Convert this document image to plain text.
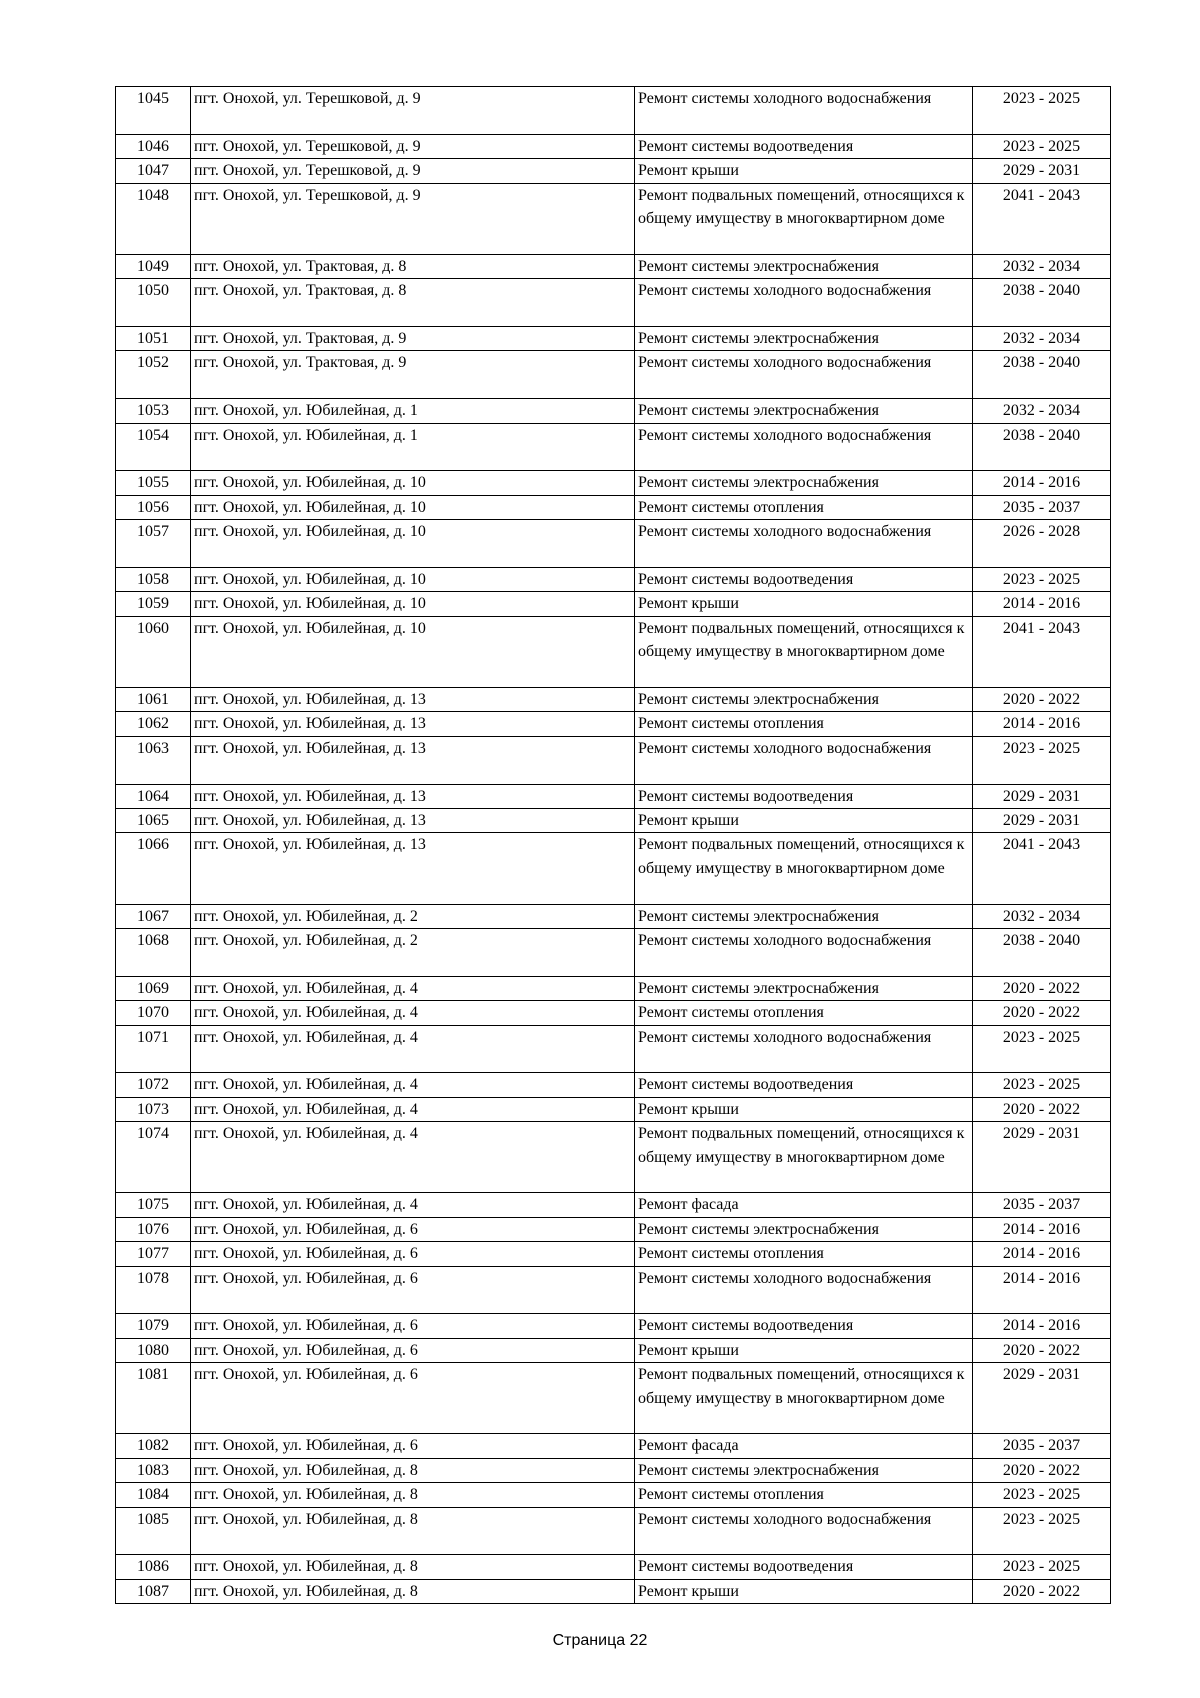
1045	пгт. Онохой, ул. Терешковой, д. 9	Ремонт системы холодного водоснабжения	2023 - 2025
1046	пгт. Онохой, ул. Терешковой, д. 9	Ремонт системы водоотведения	2023 - 2025
1047	пгт. Онохой, ул. Терешковой, д. 9	Ремонт крыши	2029 - 2031
1048	пгт. Онохой, ул. Терешковой, д. 9	Ремонт подвальных помещений, относящихся к общему имуществу в многоквартирном доме	2041 - 2043
1049	пгт. Онохой, ул. Трактовая, д. 8	Ремонт системы электроснабжения	2032 - 2034
1050	пгт. Онохой, ул. Трактовая, д. 8	Ремонт системы холодного водоснабжения	2038 - 2040
1051	пгт. Онохой, ул. Трактовая, д. 9	Ремонт системы электроснабжения	2032 - 2034
1052	пгт. Онохой, ул. Трактовая, д. 9	Ремонт системы холодного водоснабжения	2038 - 2040
1053	пгт. Онохой, ул. Юбилейная, д. 1	Ремонт системы электроснабжения	2032 - 2034
1054	пгт. Онохой, ул. Юбилейная, д. 1	Ремонт системы холодного водоснабжения	2038 - 2040
1055	пгт. Онохой, ул. Юбилейная, д. 10	Ремонт системы электроснабжения	2014 - 2016
1056	пгт. Онохой, ул. Юбилейная, д. 10	Ремонт системы отопления	2035 - 2037
1057	пгт. Онохой, ул. Юбилейная, д. 10	Ремонт системы холодного водоснабжения	2026 - 2028
1058	пгт. Онохой, ул. Юбилейная, д. 10	Ремонт системы водоотведения	2023 - 2025
1059	пгт. Онохой, ул. Юбилейная, д. 10	Ремонт крыши	2014 - 2016
1060	пгт. Онохой, ул. Юбилейная, д. 10	Ремонт подвальных помещений, относящихся к общему имуществу в многоквартирном доме	2041 - 2043
1061	пгт. Онохой, ул. Юбилейная, д. 13	Ремонт системы электроснабжения	2020 - 2022
1062	пгт. Онохой, ул. Юбилейная, д. 13	Ремонт системы отопления	2014 - 2016
1063	пгт. Онохой, ул. Юбилейная, д. 13	Ремонт системы холодного водоснабжения	2023 - 2025
1064	пгт. Онохой, ул. Юбилейная, д. 13	Ремонт системы водоотведения	2029 - 2031
1065	пгт. Онохой, ул. Юбилейная, д. 13	Ремонт крыши	2029 - 2031
1066	пгт. Онохой, ул. Юбилейная, д. 13	Ремонт подвальных помещений, относящихся к общему имуществу в многоквартирном доме	2041 - 2043
1067	пгт. Онохой, ул. Юбилейная, д. 2	Ремонт системы электроснабжения	2032 - 2034
1068	пгт. Онохой, ул. Юбилейная, д. 2	Ремонт системы холодного водоснабжения	2038 - 2040
1069	пгт. Онохой, ул. Юбилейная, д. 4	Ремонт системы электроснабжения	2020 - 2022
1070	пгт. Онохой, ул. Юбилейная, д. 4	Ремонт системы отопления	2020 - 2022
1071	пгт. Онохой, ул. Юбилейная, д. 4	Ремонт системы холодного водоснабжения	2023 - 2025
1072	пгт. Онохой, ул. Юбилейная, д. 4	Ремонт системы водоотведения	2023 - 2025
1073	пгт. Онохой, ул. Юбилейная, д. 4	Ремонт крыши	2020 - 2022
1074	пгт. Онохой, ул. Юбилейная, д. 4	Ремонт подвальных помещений, относящихся к общему имуществу в многоквартирном доме	2029 - 2031
1075	пгт. Онохой, ул. Юбилейная, д. 4	Ремонт фасада	2035 - 2037
1076	пгт. Онохой, ул. Юбилейная, д. 6	Ремонт системы электроснабжения	2014 - 2016
1077	пгт. Онохой, ул. Юбилейная, д. 6	Ремонт системы отопления	2014 - 2016
1078	пгт. Онохой, ул. Юбилейная, д. 6	Ремонт системы холодного водоснабжения	2014 - 2016
1079	пгт. Онохой, ул. Юбилейная, д. 6	Ремонт системы водоотведения	2014 - 2016
1080	пгт. Онохой, ул. Юбилейная, д. 6	Ремонт крыши	2020 - 2022
1081	пгт. Онохой, ул. Юбилейная, д. 6	Ремонт подвальных помещений, относящихся к общему имуществу в многоквартирном доме	2029 - 2031
1082	пгт. Онохой, ул. Юбилейная, д. 6	Ремонт фасада	2035 - 2037
1083	пгт. Онохой, ул. Юбилейная, д. 8	Ремонт системы электроснабжения	2020 - 2022
1084	пгт. Онохой, ул. Юбилейная, д. 8	Ремонт системы отопления	2023 - 2025
1085	пгт. Онохой, ул. Юбилейная, д. 8	Ремонт системы холодного водоснабжения	2023 - 2025
1086	пгт. Онохой, ул. Юбилейная, д. 8	Ремонт системы водоотведения	2023 - 2025
1087	пгт. Онохой, ул. Юбилейная, д. 8	Ремонт крыши	2020 - 2022
Страница 22
